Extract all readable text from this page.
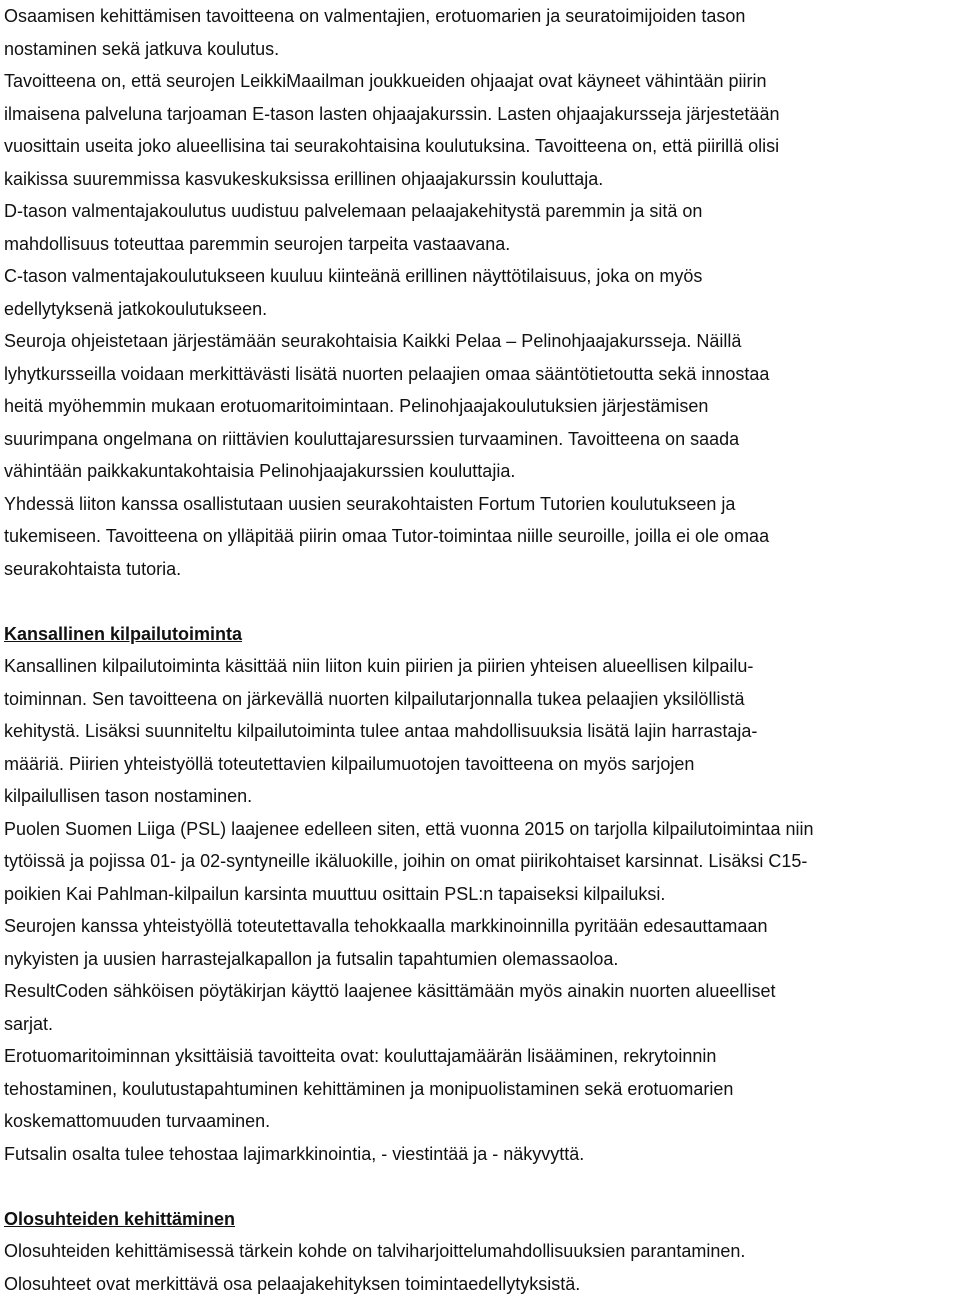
Osaamisen kehittämisen tavoitteena on valmentajien, erotuomarien ja seuratoimijoiden tason

nostaminen sekä jatkuva koulutus.

Tavoitteena on, että seurojen LeikkiMaailman joukkueiden ohjaajat ovat käyneet vähintään piirin

ilmaisena palveluna tarjoaman E-tason lasten ohjaajakurssin. Lasten ohjaajakursseja järjestetään

vuosittain useita joko alueellisina tai seurakohtaisina koulutuksina. Tavoitteena on, että piirillä olisi

kaikissa suuremmissa kasvukeskuksissa erillinen ohjaajakurssin kouluttaja.

D-tason valmentajakoulutus uudistuu palvelemaan pelaajakehitystä paremmin ja sitä on

mahdollisuus toteuttaa paremmin seurojen tarpeita vastaavana.

C-tason valmentajakoulutukseen kuuluu kiinteänä erillinen näyttötilaisuus, joka on myös

edellytyksenä jatkokoulutukseen.

Seuroja ohjeistetaan järjestämään seurakohtaisia Kaikki Pelaa – Pelinohjaajakursseja. Näillä

lyhytkursseilla voidaan merkittävästi lisätä nuorten pelaajien omaa sääntötietoutta sekä innostaa

heitä myöhemmin mukaan erotuomaritoimintaan. Pelinohjaajakoulutuksien järjestämisen

suurimpana ongelmana on riittävien kouluttajaresurssien turvaaminen. Tavoitteena on saada

vähintään paikkakuntakohtaisia Pelinohjaajakurssien kouluttajia.

Yhdessä liiton kanssa osallistutaan uusien seurakohtaisten Fortum Tutorien koulutukseen ja

tukemiseen. Tavoitteena on ylläpitää piirin omaa Tutor-toimintaa niille seuroille, joilla ei ole omaa

seurakohtaista tutoria.

Kansallinen kilpailutoiminta

Kansallinen kilpailutoiminta käsittää niin liiton kuin piirien ja piirien yhteisen alueellisen kilpailu-

toiminnan. Sen tavoitteena on järkevällä nuorten kilpailutarjonnalla tukea pelaajien yksilöllistä

kehitystä. Lisäksi suunniteltu kilpailutoiminta tulee antaa mahdollisuuksia lisätä lajin harrastaja-

määriä. Piirien yhteistyöllä toteutettavien kilpailumuotojen tavoitteena on myös sarjojen

kilpailullisen tason nostaminen.

Puolen Suomen Liiga (PSL) laajenee edelleen siten, että vuonna 2015 on tarjolla kilpailutoimintaa niin

tytöissä ja pojissa 01- ja 02-syntyneille ikäluokille, joihin on omat piirikohtaiset karsinnat. Lisäksi C15-

poikien Kai Pahlman-kilpailun karsinta muuttuu osittain PSL:n tapaiseksi kilpailuksi.

Seurojen kanssa yhteistyöllä toteutettavalla tehokkaalla markkinoinnilla pyritään edesauttamaan

nykyisten ja uusien harrastejalkapallon ja futsalin tapahtumien olemassaoloa.

ResultCoden sähköisen pöytäkirjan käyttö laajenee käsittämään myös ainakin nuorten alueelliset

sarjat.

Erotuomaritoiminnan yksittäisiä tavoitteita ovat: kouluttajamäärän lisääminen, rekrytoinnin

tehostaminen, koulutustapahtuminen kehittäminen ja monipuolistaminen sekä erotuomarien

koskemattomuuden turvaaminen.

Futsalin osalta tulee tehostaa lajimarkkinointia, - viestintää ja - näkyvyttä.

Olosuhteiden kehittäminen

Olosuhteiden kehittämisessä tärkein kohde on talviharjoittelumahdollisuuksien parantaminen.

Olosuhteet ovat merkittävä osa pelaajakehityksen toimintaedellytyksistä.
